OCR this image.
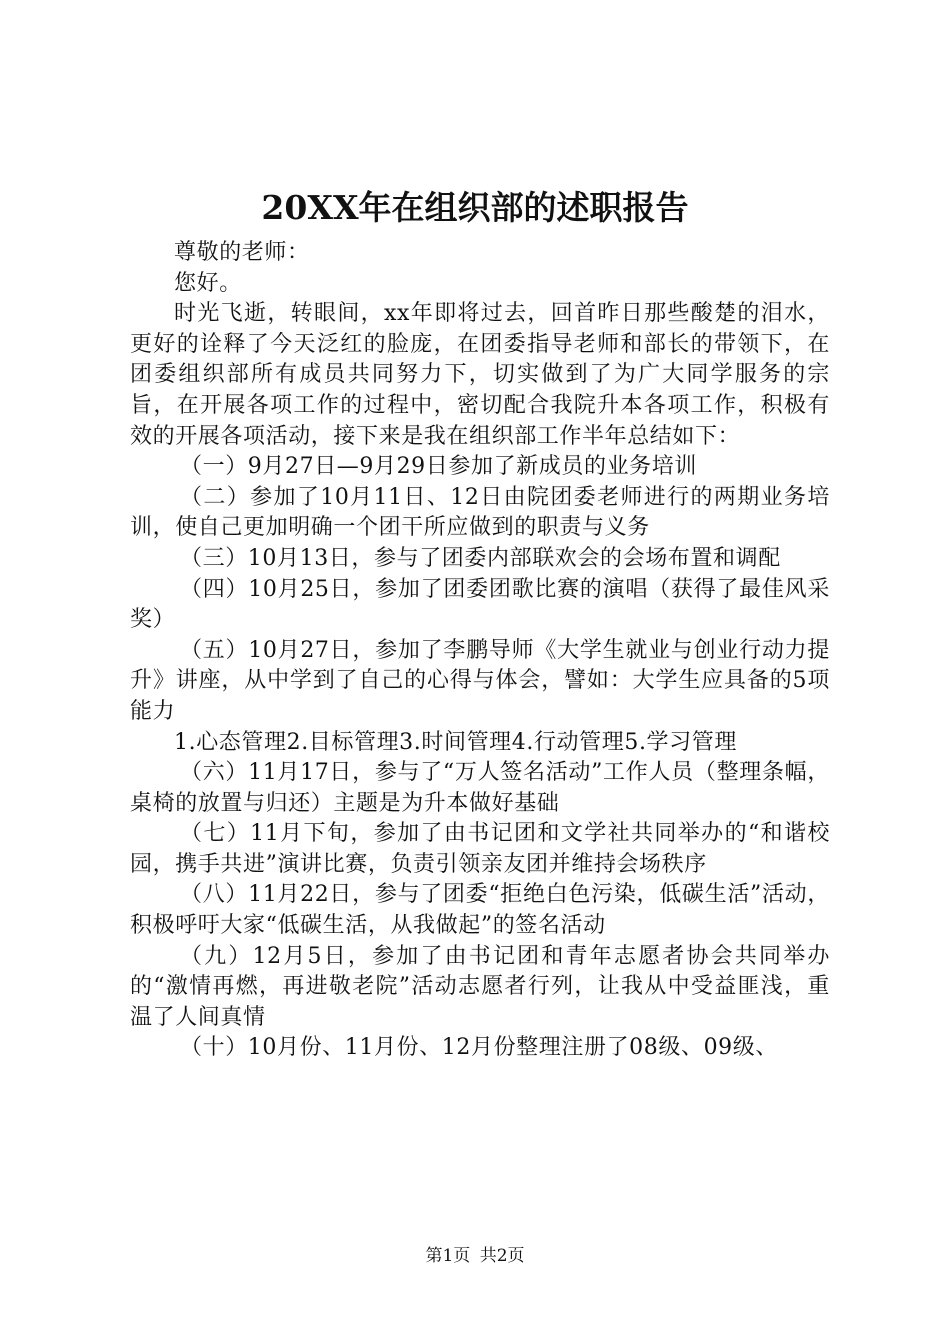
20XX年在组织部的述职报告

尊敬的老师：

您好。

时光飞逝，转眼间，xx年即将过去，回首昨日那些酸楚的泪水，更好的诠释了今天泛红的脸庞，在团委指导老师和部长的带领下，在团委组织部所有成员共同努力下，切实做到了为广大同学服务的宗旨，在开展各项工作的过程中，密切配合我院升本各项工作，积极有效的开展各项活动，接下来是我在组织部工作半年总结如下：

（一）9月27日—9月29日参加了新成员的业务培训

（二）参加了10月11日、12日由院团委老师进行的两期业务培训，使自己更加明确一个团干所应做到的职责与义务

（三）10月13日，参与了团委内部联欢会的会场布置和调配

（四）10月25日，参加了团委团歌比赛的演唱（获得了最佳风采奖）

（五）10月27日，参加了李鹏导师《大学生就业与创业行动力提升》讲座，从中学到了自己的心得与体会，譬如：大学生应具备的5项能力

1.心态管理2.目标管理3.时间管理4.行动管理5.学习管理

（六）11月17日，参与了“万人签名活动”工作人员（整理条幅，桌椅的放置与归还）主题是为升本做好基础

（七）11月下旬，参加了由书记团和文学社共同举办的“和谐校园，携手共进”演讲比赛，负责引领亲友团并维持会场秩序

（八）11月22日，参与了团委“拒绝白色污染，低碳生活”活动，积极呼吁大家“低碳生活，从我做起”的签名活动

（九）12月5日，参加了由书记团和青年志愿者协会共同举办的“激情再燃，再进敬老院”活动志愿者行列，让我从中受益匪浅，重温了人间真情

（十）10月份、11月份、12月份整理注册了08级、09级、

第1页 共2页
